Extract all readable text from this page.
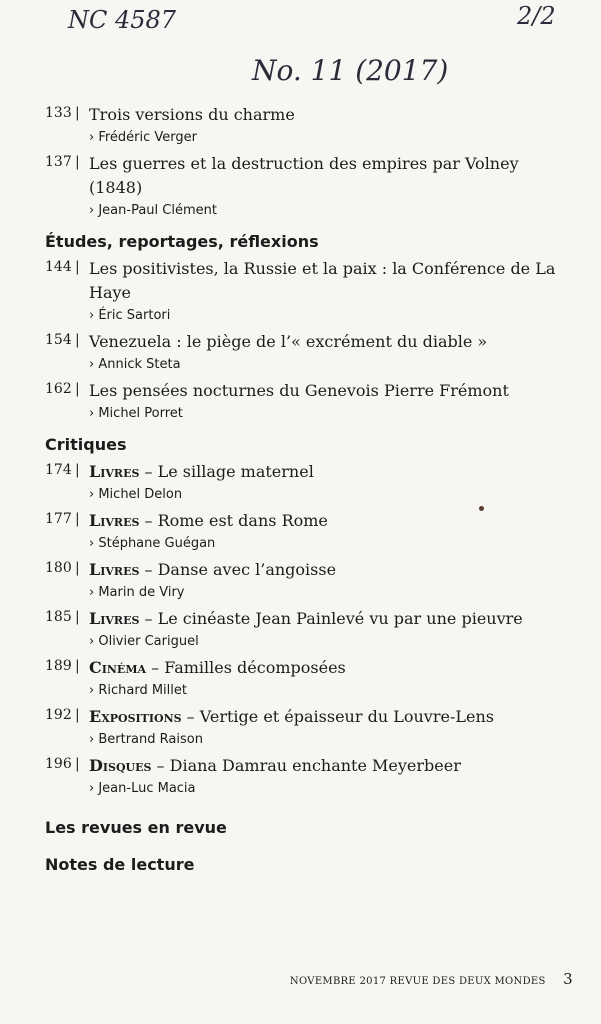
NC 4587	2/2
No. 11 (2017)
133 | Trois versions du charme
› Frédéric Verger
137 | Les guerres et la destruction des empires par Volney (1848)
› Jean-Paul Clément
Études, reportages, réflexions
144 | Les positivistes, la Russie et la paix : la Conférence de La Haye
› Éric Sartori
154 | Venezuela : le piège de l’« excrément du diable »
› Annick Steta
162 | Les pensées nocturnes du Genevois Pierre Frémont
› Michel Porret
Critiques
174 | Livres – Le sillage maternel
› Michel Delon
177 | Livres – Rome est dans Rome
› Stéphane Guégan
180 | Livres – Danse avec l’angoisse
› Marin de Viry
185 | Livres – Le cinéaste Jean Painlevé vu par une pieuvre
› Olivier Cariguel
189 | Cinéma – Familles décomposées
› Richard Millet
192 | Expositions – Vertige et épaisseur du Louvre-Lens
› Bertrand Raison
196 | Disques – Diana Damrau enchante Meyerbeer
› Jean-Luc Macia
Les revues en revue
Notes de lecture
NOVEMBRE 2017 REVUE DES DEUX MONDES 3
